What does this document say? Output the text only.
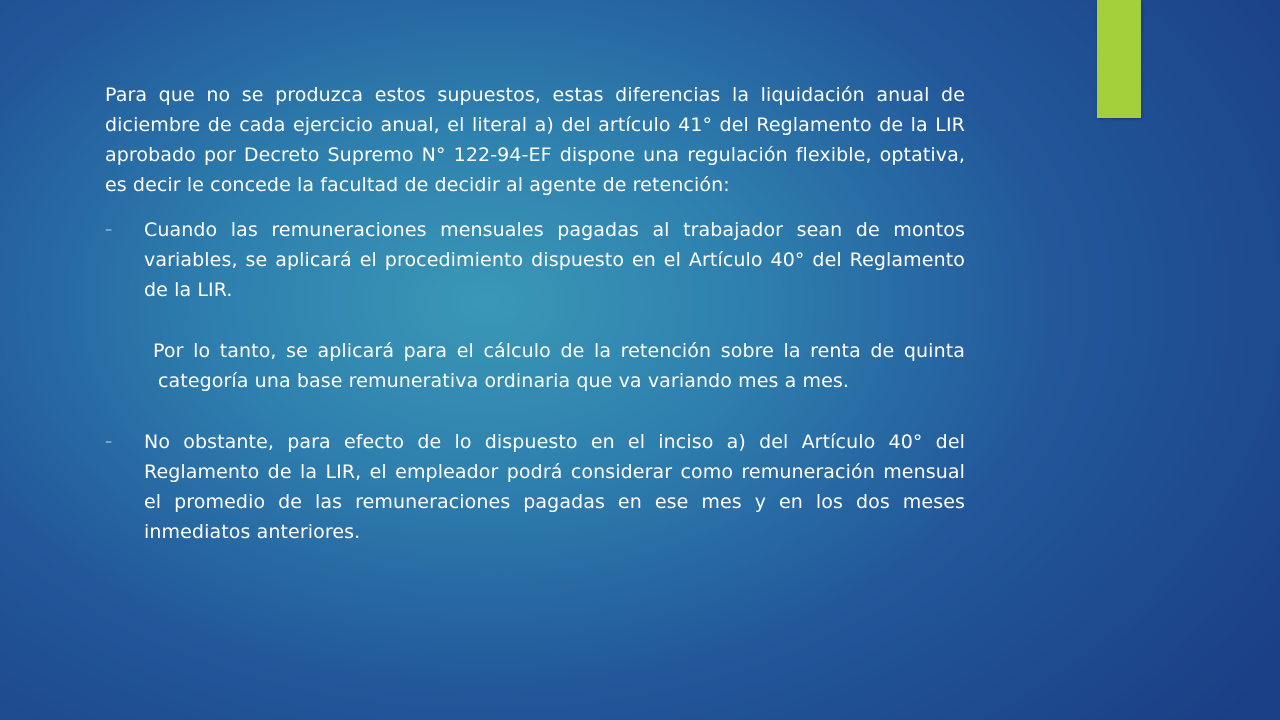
Para que no se produzca estos supuestos, estas diferencias la liquidación anual de diciembre de cada ejercicio anual, el literal a) del artículo 41° del Reglamento de la LIR aprobado por Decreto Supremo N° 122-94-EF dispone una regulación flexible, optativa, es decir le concede la facultad de decidir al agente de retención:

– Cuando las remuneraciones mensuales pagadas al trabajador sean de montos variables, se aplicará el procedimiento dispuesto en el Artículo 40° del Reglamento de la LIR.

Por lo tanto, se aplicará para el cálculo de la retención sobre la renta de quinta categoría una base remunerativa ordinaria que va variando mes a mes.

– No obstante, para efecto de lo dispuesto en el inciso a) del Artículo 40° del Reglamento de la LIR, el empleador podrá considerar como remuneración mensual el promedio de las remuneraciones pagadas en ese mes y en los dos meses inmediatos anteriores.
